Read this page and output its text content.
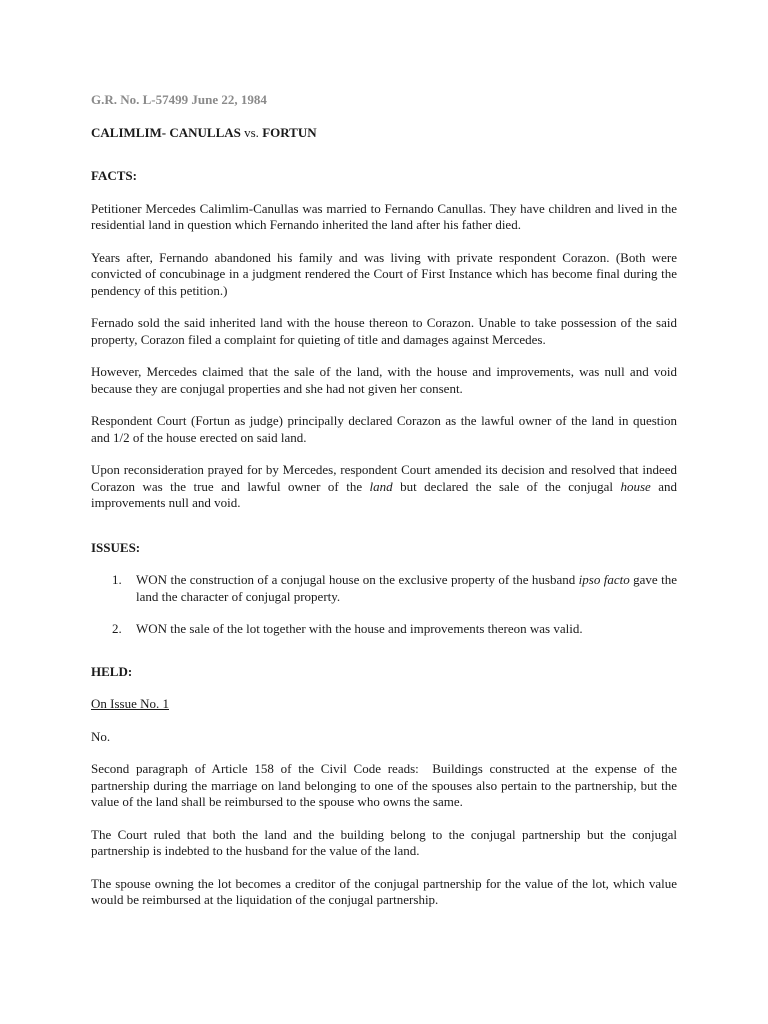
G.R. No. L-57499 June 22, 1984

CALIMLIM- CANULLAS vs. FORTUN

FACTS:

Petitioner Mercedes Calimlim-Canullas was married to Fernando Canullas. They have children and lived in the residential land in question which Fernando inherited the land after his father died.

Years after, Fernando abandoned his family and was living with private respondent Corazon. (Both were convicted of concubinage in a judgment rendered the Court of First Instance which has become final during the pendency of this petition.)

Fernado sold the said inherited land with the house thereon to Corazon. Unable to take possession of the said property, Corazon filed a complaint for quieting of title and damages against Mercedes.

However, Mercedes claimed that the sale of the land, with the house and improvements, was null and void because they are conjugal properties and she had not given her consent.

Respondent Court (Fortun as judge) principally declared Corazon as the lawful owner of the land in question and 1/2 of the house erected on said land.

Upon reconsideration prayed for by Mercedes, respondent Court amended its decision and resolved that indeed Corazon was the true and lawful owner of the land but declared the sale of the conjugal house and improvements null and void.

ISSUES:

1. WON the construction of a conjugal house on the exclusive property of the husband ipso facto gave the land the character of conjugal property.
2. WON the sale of the lot together with the house and improvements thereon was valid.

HELD:

On Issue No. 1

No.

Second paragraph of Article 158 of the Civil Code reads:  Buildings constructed at the expense of the partnership during the marriage on land belonging to one of the spouses also pertain to the partnership, but the value of the land shall be reimbursed to the spouse who owns the same.

The Court ruled that both the land and the building belong to the conjugal partnership but the conjugal partnership is indebted to the husband for the value of the land.

The spouse owning the lot becomes a creditor of the conjugal partnership for the value of the lot, which value would be reimbursed at the liquidation of the conjugal partnership.
